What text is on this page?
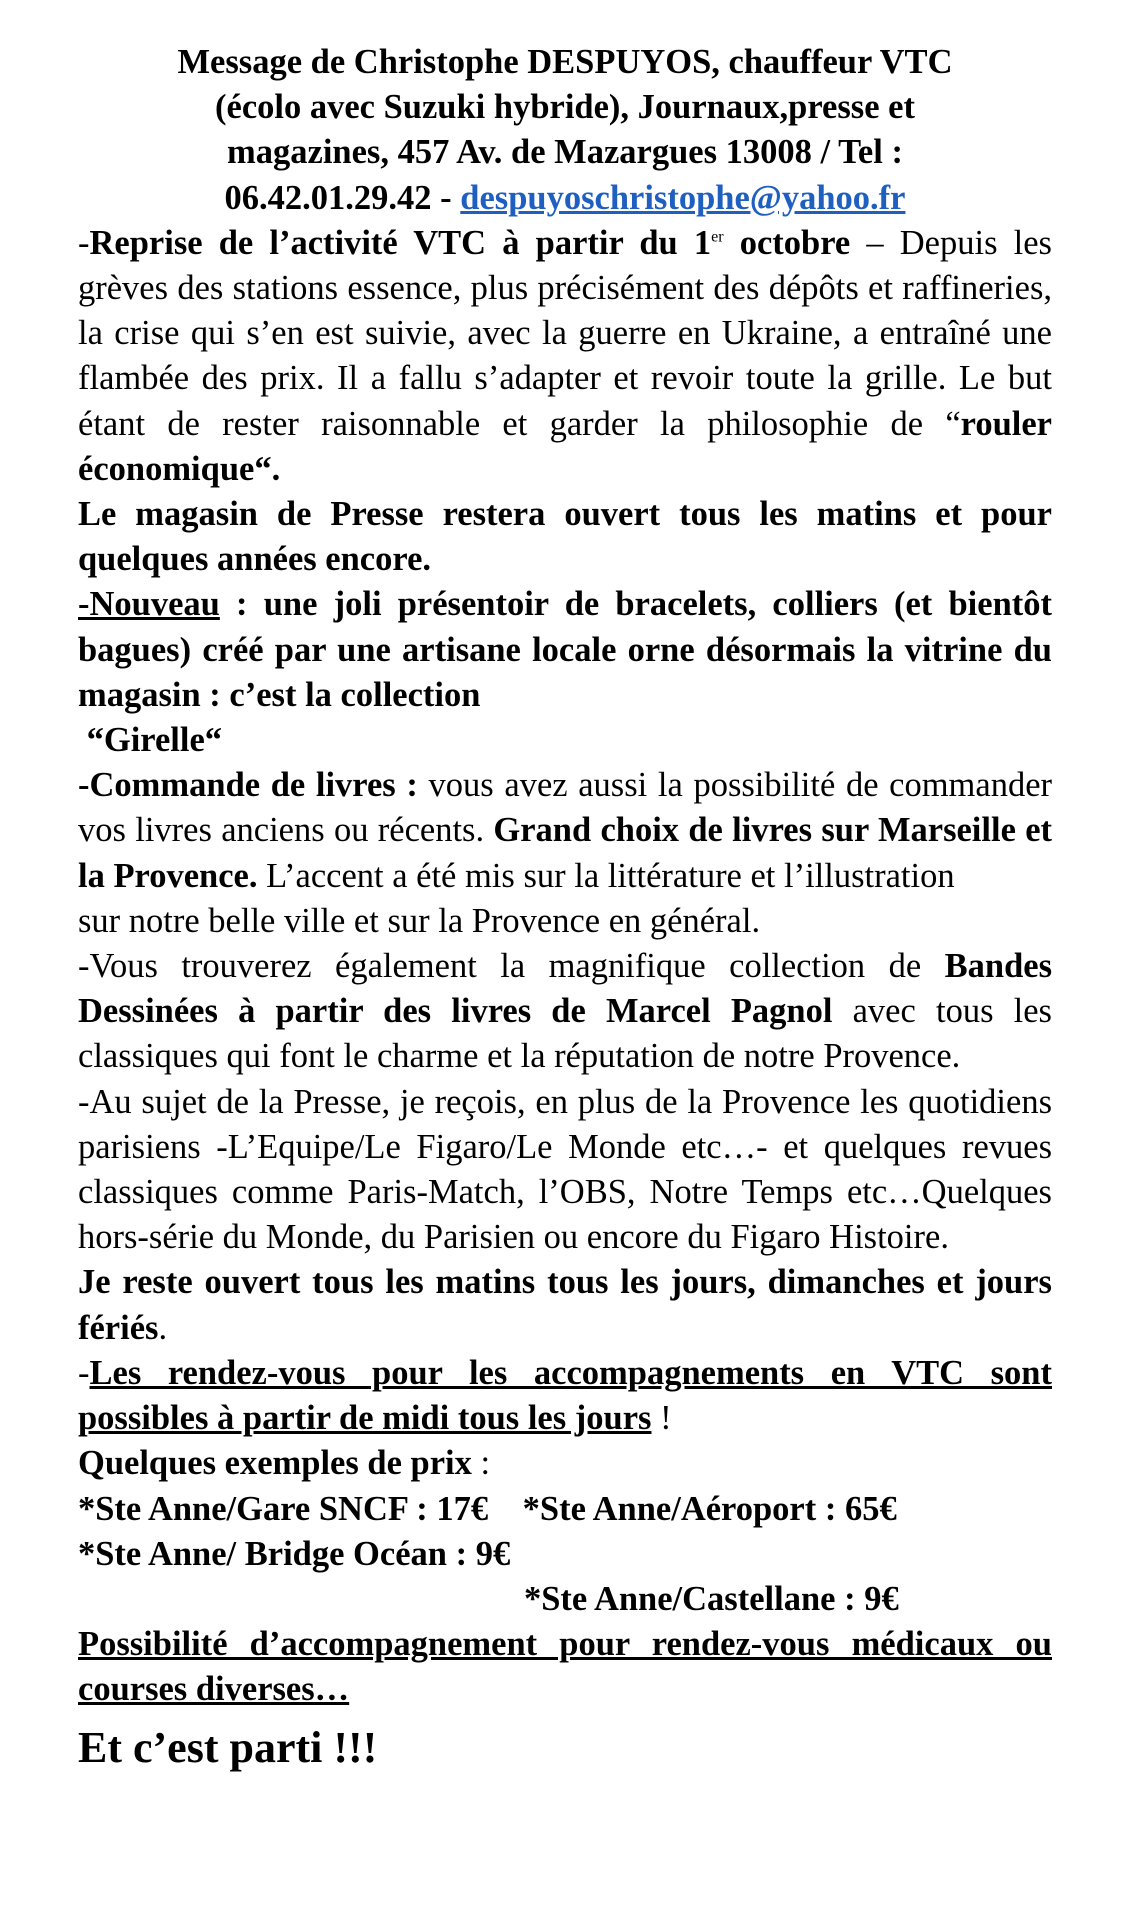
Message de Christophe DESPUYOS, chauffeur VTC

(écolo avec Suzuki hybride), Journaux,presse et

magazines, 457 Av. de Mazargues 13008 / Tel :

06.42.01.29.42 - despuyoschristophe@yahoo.fr

-Reprise de l’activité VTC à partir du 1er octobre – Depuis les grèves des stations essence, plus précisément des dépôts et raffineries, la crise qui s’en est suivie, avec la guerre en Ukraine, a entraîné une flambée des prix. Il a fallu s’adapter et revoir toute la grille. Le but étant de rester raisonnable et garder la philosophie de “rouler économique“.

Le magasin de Presse restera ouvert tous les matins et pour quelques années encore.

-Nouveau : une joli présentoir de bracelets, colliers (et bientôt bagues) créé par une artisane locale orne désormais la vitrine du magasin : c’est la collection

“Girelle“

-Commande de livres : vous avez aussi la possibilité de commander vos livres anciens ou récents. Grand choix de livres sur Marseille et la Provence. L’accent a été mis sur la littérature et l’illustration

sur notre belle ville et sur la Provence en général.

-Vous trouverez également la magnifique collection de Bandes Dessinées à partir des livres de Marcel Pagnol avec tous les classiques qui font le charme et la réputation de notre Provence.

-Au sujet de la Presse, je reçois, en plus de la Provence les quotidiens parisiens -L’Equipe/Le Figaro/Le Monde etc…- et quelques revues classiques comme Paris-Match, l’OBS, Notre Temps etc…Quelques hors-série du Monde, du Parisien ou encore du Figaro Histoire.

Je reste ouvert tous les matins tous les jours, dimanches et jours fériés.

-Les rendez-vous pour les accompagnements en VTC sont possibles à partir de midi tous les jours !

Quelques exemples de prix :

*Ste Anne/Gare SNCF : 17€ *Ste Anne/Aéroport : 65€

*Ste Anne/ Bridge Océan : 9€

*Ste Anne/Castellane : 9€

Possibilité d’accompagnement pour rendez-vous médicaux ou courses diverses…

Et c’est parti !!!
